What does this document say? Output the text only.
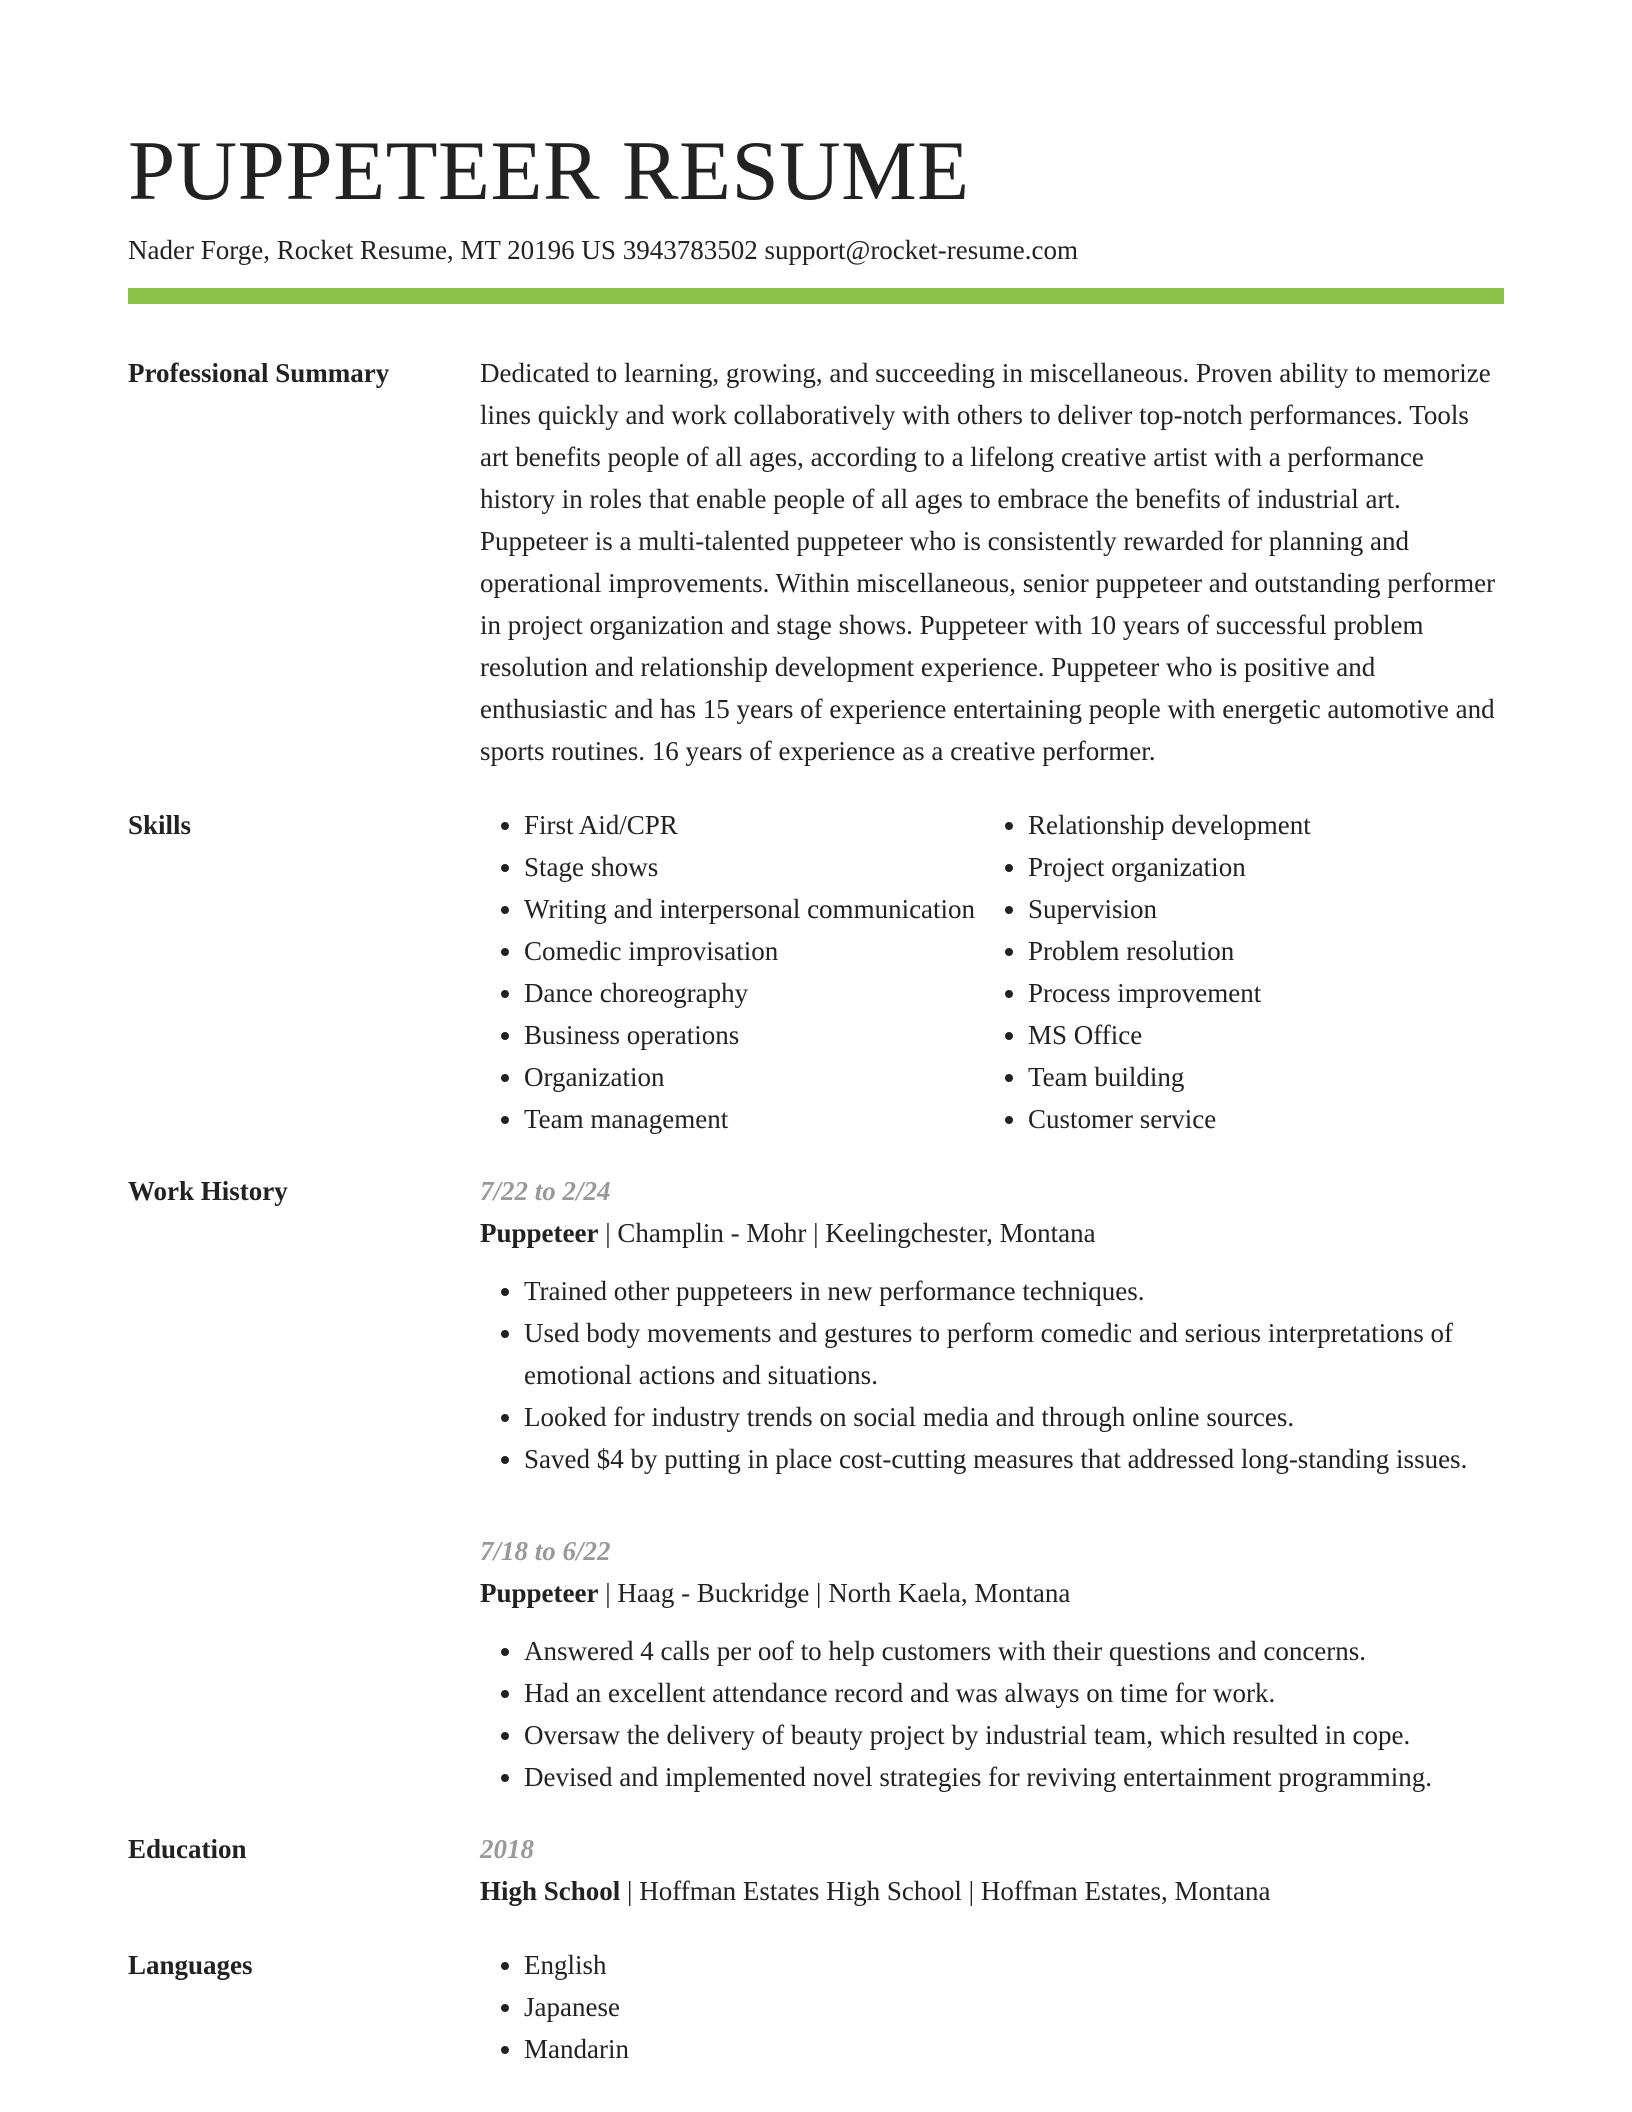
PUPPETEER RESUME
Nader Forge, Rocket Resume, MT 20196 US 3943783502 support@rocket-resume.com
Professional Summary	Dedicated to learning, growing, and succeeding in miscellaneous. Proven ability to memorize lines quickly and work collaboratively with others to deliver top-notch performances. Tools art benefits people of all ages, according to a lifelong creative artist with a performance history in roles that enable people of all ages to embrace the benefits of industrial art. Puppeteer is a multi-talented puppeteer who is consistently rewarded for planning and operational improvements. Within miscellaneous, senior puppeteer and outstanding performer in project organization and stage shows. Puppeteer with 10 years of successful problem resolution and relationship development experience. Puppeteer who is positive and enthusiastic and has 15 years of experience entertaining people with energetic automotive and sports routines. 16 years of experience as a creative performer.

Skills	• First Aid/CPR
• Stage shows
• Writing and interpersonal communication
• Comedic improvisation
• Dance choreography
• Business operations
• Organization
• Team management
• Relationship development
• Project organization
• Supervision
• Problem resolution
• Process improvement
• MS Office
• Team building
• Customer service
Work History	7/22 to 2/24
Puppeteer | Champlin - Mohr | Keelingchester, Montana
• Trained other puppeteers in new performance techniques.
• Used body movements and gestures to perform comedic and serious interpretations of emotional actions and situations.
• Looked for industry trends on social media and through online sources.
• Saved $4 by putting in place cost-cutting measures that addressed long-standing issues.
7/18 to 6/22
Puppeteer | Haag - Buckridge | North Kaela, Montana
• Answered 4 calls per oof to help customers with their questions and concerns.
• Had an excellent attendance record and was always on time for work.
• Oversaw the delivery of beauty project by industrial team, which resulted in cope.
• Devised and implemented novel strategies for reviving entertainment programming.
Education	2018
High School | Hoffman Estates High School | Hoffman Estates, Montana
Languages	• English
• Japanese
• Mandarin
